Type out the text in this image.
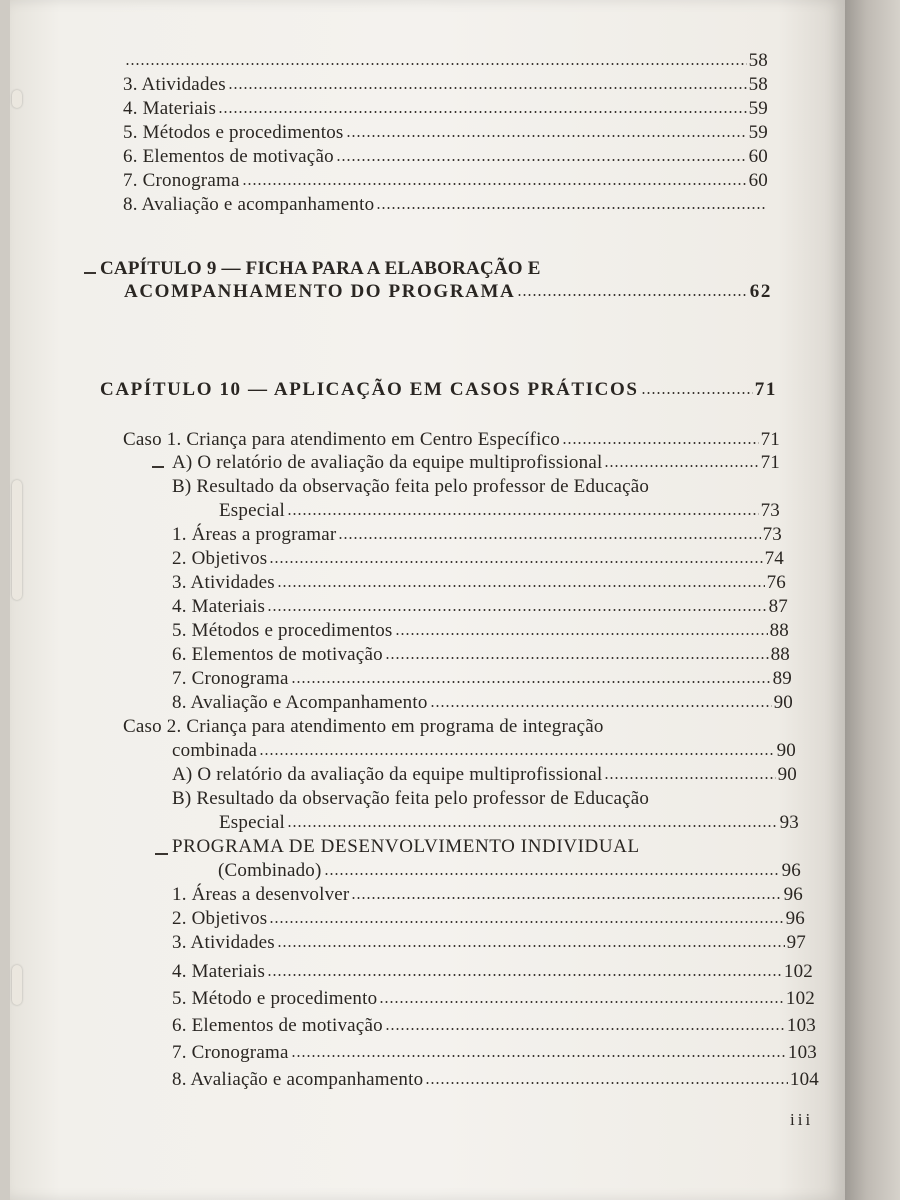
58
3. Atividades	58
4. Materiais	59
5. Métodos e procedimentos	59
6. Elementos de motivação	60
7. Cronograma	60
8. Avaliação e acompanhamento
CAPÍTULO 9 — FICHA PARA A ELABORAÇÃO E
ACOMPANHAMENTO DO PROGRAMA	62
CAPÍTULO 10 — APLICAÇÃO EM CASOS PRÁTICOS	71
Caso 1. Criança para atendimento em Centro Específico	71
A) O relatório de avaliação da equipe multiprofissional	71
B) Resultado da observação feita pelo professor de Educação
Especial	73
1. Áreas a programar	73
2. Objetivos	74
3. Atividades	76
4. Materiais	87
5. Métodos e procedimentos	88
6. Elementos de motivação	88
7. Cronograma	89
8. Avaliação e Acompanhamento	90
Caso 2. Criança para atendimento em programa de integração
combinada	90
A) O relatório da avaliação da equipe multiprofissional	90
B) Resultado da observação feita pelo professor de Educação
Especial	93
PROGRAMA DE DESENVOLVIMENTO INDIVIDUAL
(Combinado)	96
1. Áreas a desenvolver	96
2. Objetivos	96
3. Atividades	97
4. Materiais	102
5. Método e procedimento	102
6. Elementos de motivação	103
7. Cronograma	103
8. Avaliação e acompanhamento	104
iii
